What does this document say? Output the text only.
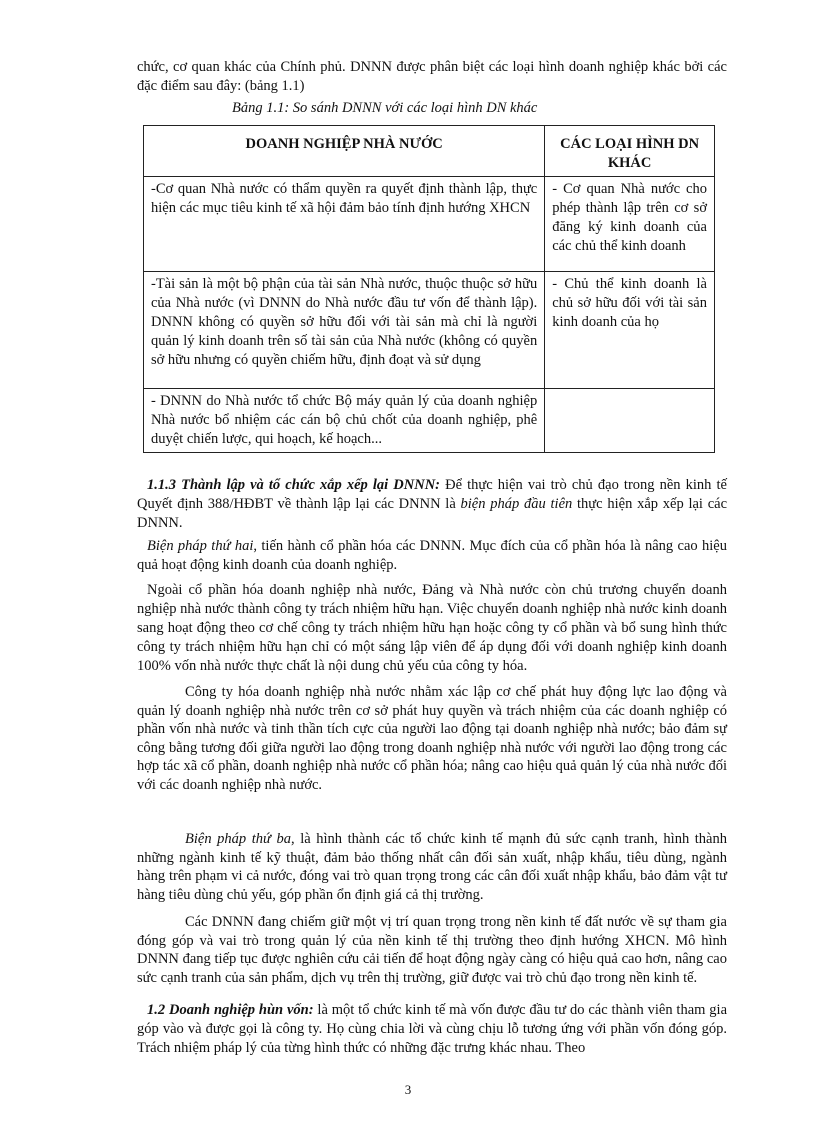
chức, cơ quan khác của Chính phủ. DNNN được phân biệt các loại hình doanh nghiệp khác bởi các đặc điểm sau đây: (bảng 1.1)

Bảng 1.1: So sánh DNNN với các loại hình DN khác

DOANH NGHIỆP NHÀ NƯỚC	CÁC LOẠI HÌNH DN KHÁC
-Cơ quan Nhà nước có thẩm quyền ra quyết định thành lập, thực hiện các mục tiêu kinh tế xã hội đảm bảo tính định hướng XHCN	- Cơ quan Nhà nước cho phép thành lập trên cơ sở đăng ký kinh doanh của các chủ thể kinh doanh
-Tài sản là một bộ phận của tài sản Nhà nước, thuộc thuộc sở hữu của Nhà nước (vì DNNN do Nhà nước đầu tư vốn để thành lập). DNNN không có quyền sở hữu đối với tài sản mà chỉ là người quản lý kinh doanh trên số tài sản của Nhà nước (không có quyền sở hữu nhưng có quyền chiếm hữu, định đoạt và sử dụng	- Chủ thể kinh doanh là chủ sở hữu đối với tài sản kinh doanh của họ
- DNNN do Nhà nước tổ chức Bộ máy quản lý của doanh nghiệp Nhà nước bổ nhiệm các cán bộ chủ chốt của doanh nghiệp, phê duyệt chiến lược, qui hoạch, kế hoạch...	

1.1.3 Thành lập và tổ chức xắp xếp lại DNNN: Để thực hiện vai trò chủ đạo trong nền kinh tế Quyết định 388/HĐBT về thành lập lại các DNNN là biện pháp đầu tiên thực hiện xắp xếp lại các DNNN.

Biện pháp thứ hai, tiến hành cổ phần hóa các DNNN. Mục đích của cổ phần hóa là nâng cao hiệu quả hoạt động kinh doanh của doanh nghiệp.

Ngoài cổ phần hóa doanh nghiệp nhà nước, Đảng và Nhà nước còn chủ trương chuyển doanh nghiệp nhà nước thành công ty trách nhiệm hữu hạn. Việc chuyển doanh nghiệp nhà nước kinh doanh sang hoạt động theo cơ chế công ty trách nhiệm hữu hạn hoặc công ty cổ phần và bổ sung hình thức công ty trách nhiệm hữu hạn chỉ có một sáng lập viên để áp dụng đối với doanh nghiệp kinh doanh 100% vốn nhà nước thực chất là nội dung chủ yếu của công ty hóa.

Công ty hóa doanh nghiệp nhà nước nhằm xác lập cơ chế phát huy động lực lao động và quản lý doanh nghiệp nhà nước trên cơ sở phát huy quyền và trách nhiệm của các doanh nghiệp có phần vốn nhà nước và tinh thần tích cực của người lao động tại doanh nghiệp nhà nước; bảo đảm sự công bằng tương đối giữa người lao động trong doanh nghiệp nhà nước với người lao động trong các hợp tác xã cổ phần, doanh nghiệp nhà nước cổ phần hóa; nâng cao hiệu quả quản lý của nhà nước đối với các doanh nghiệp nhà nước.

Biện pháp thứ ba, là hình thành các tổ chức kinh tế mạnh đủ sức cạnh tranh, hình thành những ngành kinh tế kỹ thuật, đảm bảo thống nhất cân đối sản xuất, nhập khẩu, tiêu dùng, ngành hàng trên phạm vi cả nước, đóng vai trò quan trọng trong các cân đối xuất nhập khẩu, bảo đảm vật tư hàng tiêu dùng chủ yếu, góp phần ổn định giá cả thị trường.

Các DNNN đang chiếm giữ một vị trí quan trọng trong nền kinh tế đất nước về sự tham gia đóng góp và vai trò trong quản lý của nền kinh tế thị trường theo định hướng XHCN. Mô hình DNNN đang tiếp tục được nghiên cứu cải tiến để hoạt động ngày càng có hiệu quả cao hơn, nâng cao sức cạnh tranh của sản phẩm, dịch vụ trên thị trường, giữ được vai trò chủ đạo trong nền kinh tế.

1.2 Doanh nghiệp hùn vốn: là một tổ chức kinh tế mà vốn được đầu tư do các thành viên tham gia góp vào và được gọi là công ty. Họ cùng chia lời và cùng chịu lỗ tương ứng với phần vốn đóng góp. Trách nhiệm pháp lý của từng hình thức có những đặc trưng khác nhau. Theo

3
